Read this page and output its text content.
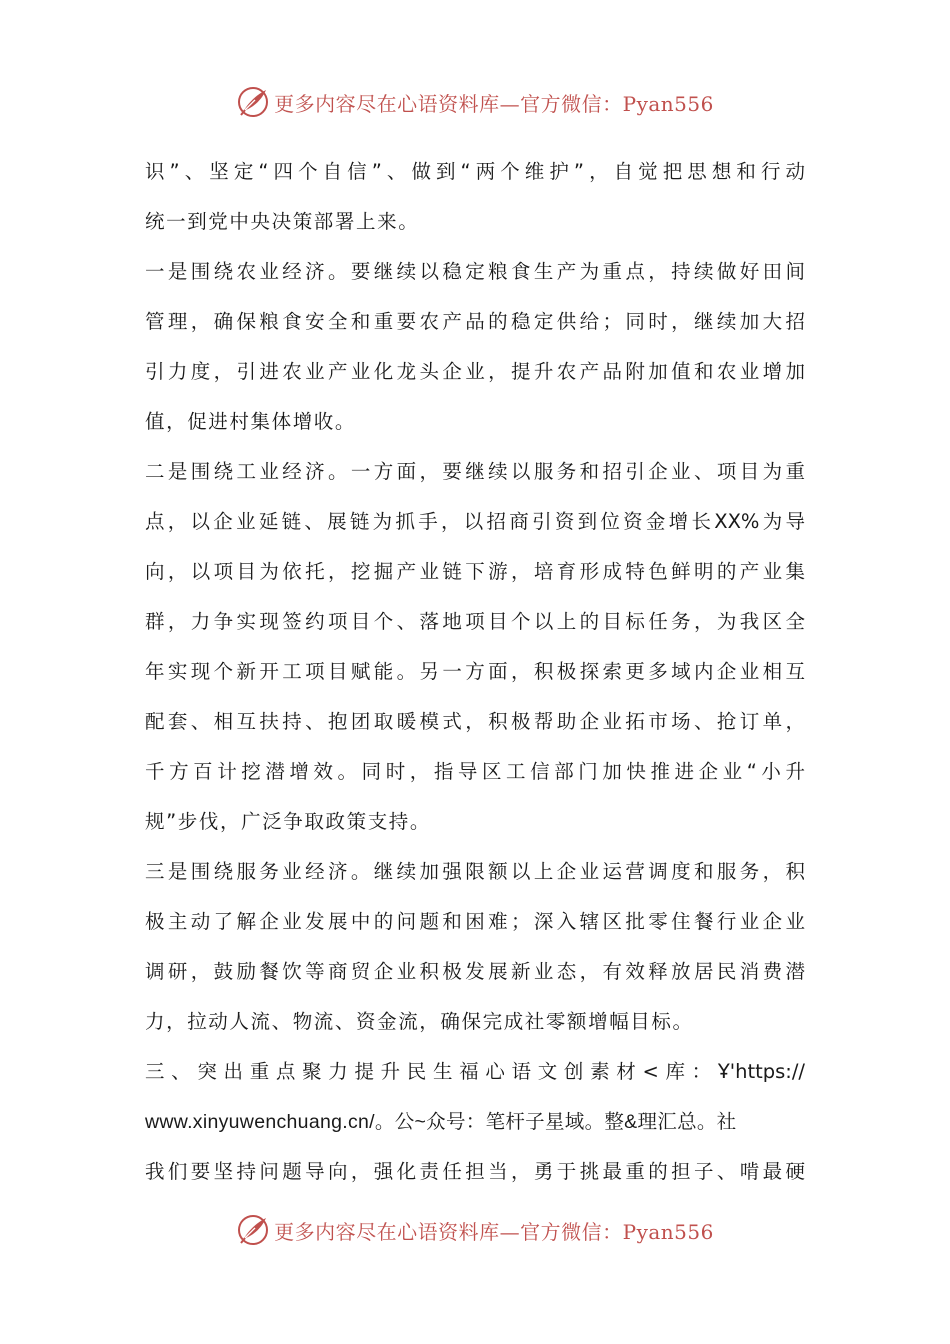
更多内容尽在心语资料库—官方微信：Pyan556
识”、坚定“四个自信”、做到“两个维护”，自觉把思想和行动
统一到党中央决策部署上来。
一是围绕农业经济。要继续以稳定粮食生产为重点，持续做好田间
管理，确保粮食安全和重要农产品的稳定供给；同时，继续加大招
引力度，引进农业产业化龙头企业，提升农产品附加值和农业增加
值，促进村集体增收。
二是围绕工业经济。一方面，要继续以服务和招引企业、项目为重
点，以企业延链、展链为抓手，以招商引资到位资金增长XX%为导
向，以项目为依托，挖掘产业链下游，培育形成特色鲜明的产业集
群，力争实现签约项目个、落地项目个以上的目标任务，为我区全
年实现个新开工项目赋能。另一方面，积极探索更多域内企业相互
配套、相互扶持、抱团取暖模式，积极帮助企业拓市场、抢订单，
千方百计挖潜增效。同时，指导区工信部门加快推进企业“小升
规”步伐，广泛争取政策支持。
三是围绕服务业经济。继续加强限额以上企业运营调度和服务，积
极主动了解企业发展中的问题和困难；深入辖区批零住餐行业企业
调研，鼓励餐饮等商贸企业积极发展新业态，有效释放居民消费潜
力，拉动人流、物流、资金流，确保完成社零额增幅目标。
三、突出重点聚力提升民生福心语文创素材<库：Ұ'https://
www.xinyuwenchuang.cn/。公~众号：笔杆子星域。整&理汇总。社
我们要坚持问题导向，强化责任担当，勇于挑最重的担子、啃最硬
更多内容尽在心语资料库—官方微信：Pyan556
